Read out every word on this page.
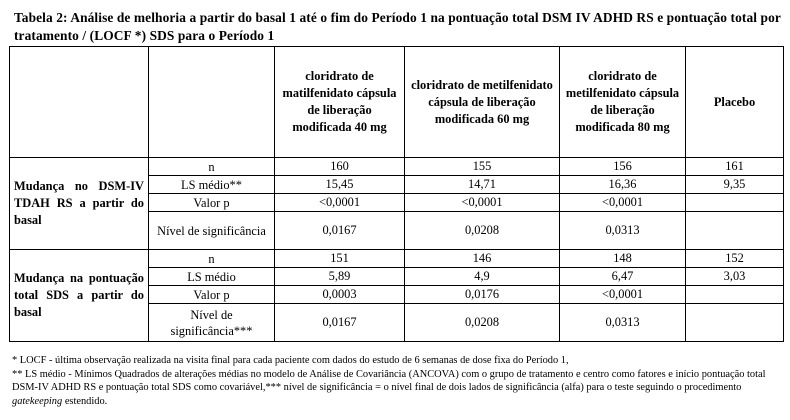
Tabela 2: Análise de melhoria a partir do basal 1 até o fim do Período 1 na pontuação total DSM IV ADHD RS e pontuação total por tratamento / (LOCF *) SDS para o Período 1
		cloridrato de matilfenidato cápsula de liberação modificada 40 mg	cloridrato de metilfenidato cápsula de liberação modificada 60 mg	cloridrato de metilfenidato cápsula de liberação modificada 80 mg	Placebo
Mudança no DSM-IV TDAH RS a partir do basal	n	160	155	156	161
	LS médio**	15,45	14,71	16,36	9,35
	Valor p	<0,0001	<0,0001	<0,0001	
	Nível de significância	0,0167	0,0208	0,0313	
Mudança na pontuação total SDS a partir do basal	n	151	146	148	152
	LS médio	5,89	4,9	6,47	3,03
	Valor p	0,0003	0,0176	<0,0001	
	Nível de significância***	0,0167	0,0208	0,0313	
* LOCF - última observação realizada na visita final para cada paciente com dados do estudo de 6 semanas de dose fixa do Período 1,
** LS médio - Mínimos Quadrados de alterações médias no modelo de Análise de Covariância (ANCOVA) com o grupo de tratamento e centro como fatores e início pontuação total DSM-IV ADHD RS e pontuação total SDS como covariável,*** nível de significância = o nível final de dois lados de significância (alfa) para o teste seguindo o procedimento gatekeeping estendido.
